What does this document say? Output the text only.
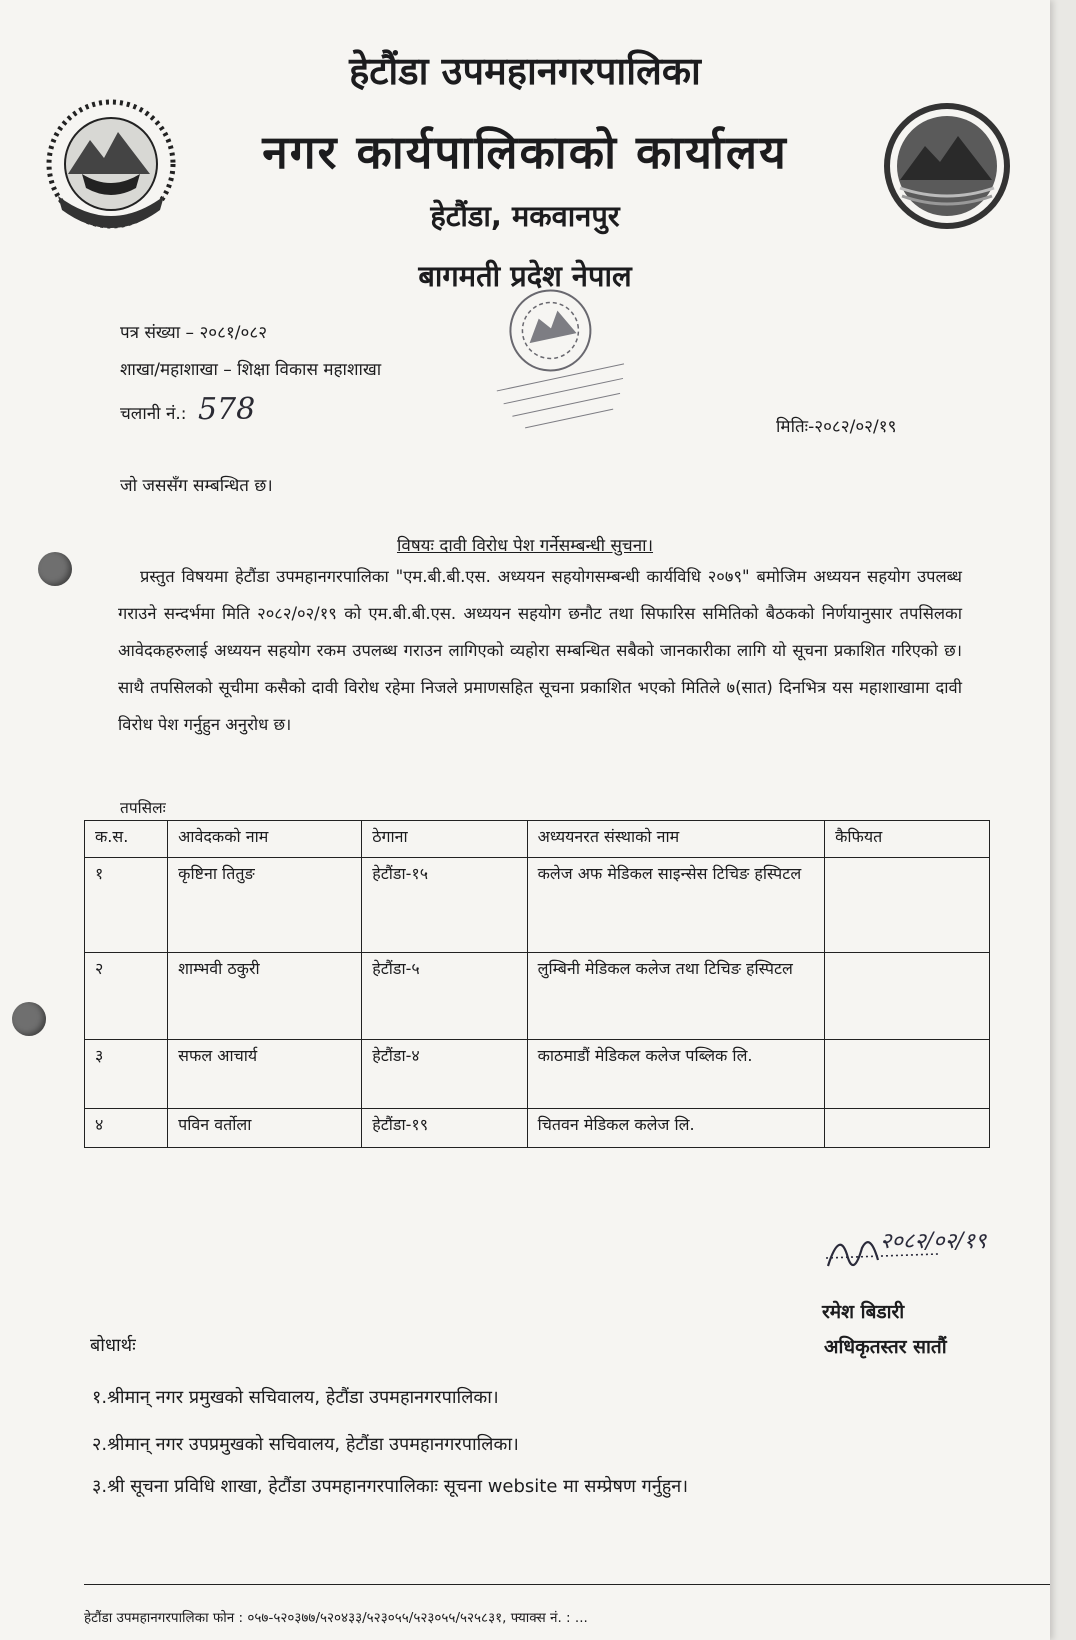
हेटौंडा उपमहानगरपालिका
नगर कार्यपालिकाको कार्यालय
हेटौंडा, मकवानपुर
बागमती प्रदेश नेपाल
पत्र संख्या – २०८१/०८२
शाखा/महाशाखा – शिक्षा विकास महाशाखा
चलानी नं.: 578	मितिः-२०८२/०२/१९
जो जससँग सम्बन्धित छ।
विषयः दावी विरोध पेश गर्नेसम्बन्धी सुचना।
प्रस्तुत विषयमा हेटौंडा उपमहानगरपालिका "एम.बी.बी.एस. अध्ययन सहयोगसम्बन्धी कार्यविधि २०७९" बमोजिम अध्ययन सहयोग उपलब्ध गराउने सन्दर्भमा मिति २०८२/०२/१९ को एम.बी.बी.एस. अध्ययन सहयोग छनौट तथा सिफारिस समितिको बैठकको निर्णयानुसार तपसिलका आवेदकहरुलाई अध्ययन सहयोग रकम उपलब्ध गराउन लागिएको व्यहोरा सम्बन्धित सबैको जानकारीका लागि यो सूचना प्रकाशित गरिएको छ। साथै तपसिलको सूचीमा कसैको दावी विरोध रहेमा निजले प्रमाणसहित सूचना प्रकाशित भएको मितिले ७(सात) दिनभित्र यस महाशाखामा दावी विरोध पेश गर्नुहुन अनुरोध छ।
तपसिलः
क.स.	आवेदकको नाम	ठेगाना	अध्ययनरत संस्थाको नाम	कैफियत
१	कृष्टिना तितुङ	हेटौंडा-१५	कलेज अफ मेडिकल साइन्सेस टिचिङ हस्पिटल	
२	शाम्भवी ठकुरी	हेटौंडा-५	लुम्बिनी मेडिकल कलेज तथा टिचिङ हस्पिटल	
३	सफल आचार्य	हेटौंडा-४	काठमाडौं मेडिकल कलेज पब्लिक लि.	
४	पविन वर्तोला	हेटौंडा-१९	चितवन मेडिकल कलेज लि.	
२०८२/०२/१९
रमेश बिडारी
अधिकृतस्तर सातौं
बोधार्थः
१.श्रीमान् नगर प्रमुखको सचिवालय, हेटौंडा उपमहानगरपालिका।
२.श्रीमान् नगर उपप्रमुखको सचिवालय, हेटौंडा उपमहानगरपालिका।
३.श्री सूचना प्रविधि शाखा, हेटौंडा उपमहानगरपालिकाः सूचना website मा सम्प्रेषण गर्नुहुन।
हेटौंडा उपमहानगरपालिका फोन : ०५७-५२०३७७/५२०४३३/५२३०५५/५२३०५५/५२५८३१, फ्याक्स नं. : ...
